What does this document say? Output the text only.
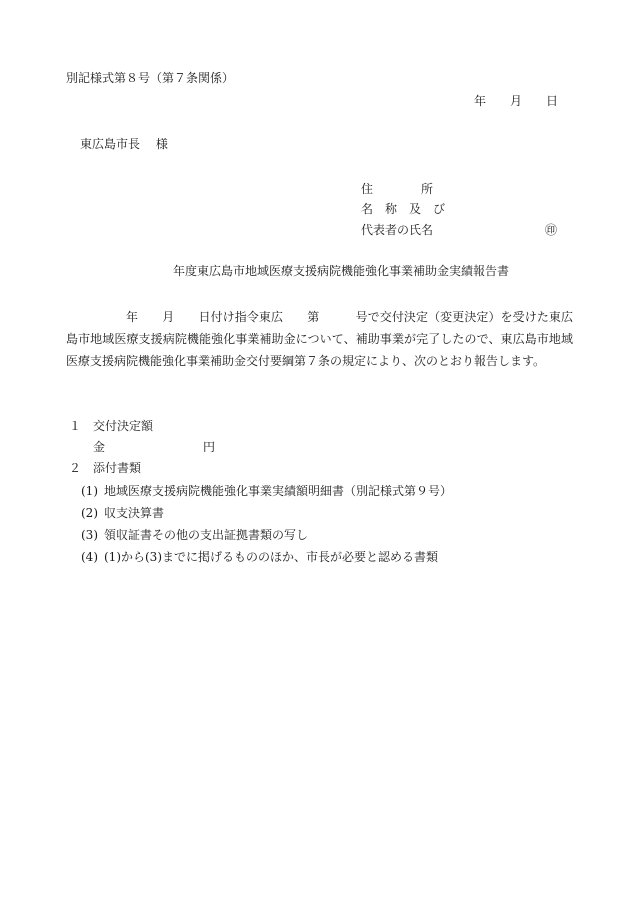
別記様式第８号（第７条関係）
年　　月　　日
東広島市長　 様
住　　　　所
名　称　及　び
代表者の氏名	㊞
年度東広島市地域医療支援病院機能強化事業補助金実績報告書

年　　月　　日付け指令東広　　第　　　号で交付決定（変更決定）を受けた東広島市地域医療支援病院機能強化事業補助金について、補助事業が完了したので、東広島市地域医療支援病院機能強化事業補助金交付要綱第７条の規定により、次のとおり報告します。

１ 交付決定額
金	円
２ 添付書類
(1) 地域医療支援病院機能強化事業実績額明細書（別記様式第９号）
(2) 収支決算書
(3) 領収証書その他の支出証拠書類の写し
(4) (1)から(3)までに掲げるもののほか、市長が必要と認める書類
